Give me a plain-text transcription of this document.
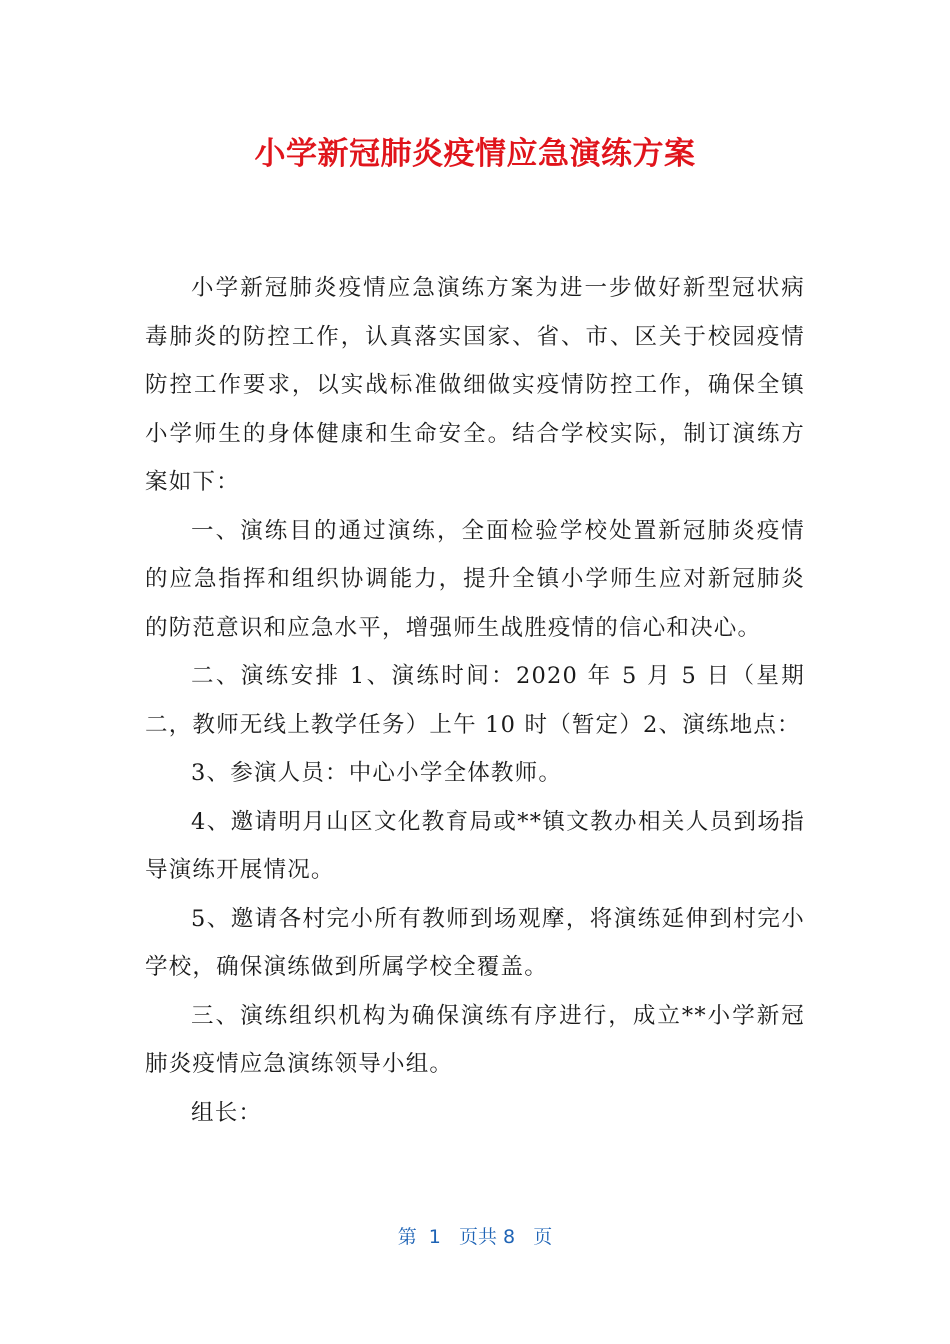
小学新冠肺炎疫情应急演练方案

小学新冠肺炎疫情应急演练方案为进一步做好新型冠状病毒肺炎的防控工作，认真落实国家、省、市、区关于校园疫情防控工作要求，以实战标准做细做实疫情防控工作，确保全镇小学师生的身体健康和生命安全。结合学校实际，制订演练方案如下：

一、演练目的通过演练，全面检验学校处置新冠肺炎疫情的应急指挥和组织协调能力，提升全镇小学师生应对新冠肺炎的防范意识和应急水平，增强师生战胜疫情的信心和决心。

二、演练安排 1、演练时间：2020 年 5 月 5 日（星期二，教师无线上教学任务）上午 10 时（暂定）2、演练地点：

3、参演人员：中心小学全体教师。

4、邀请明月山区文化教育局或**镇文教办相关人员到场指导演练开展情况。

5、邀请各村完小所有教师到场观摩，将演练延伸到村完小学校，确保演练做到所属学校全覆盖。

三、演练组织机构为确保演练有序进行，成立**小学新冠肺炎疫情应急演练领导小组。

组长：

第  1   页共 8   页
